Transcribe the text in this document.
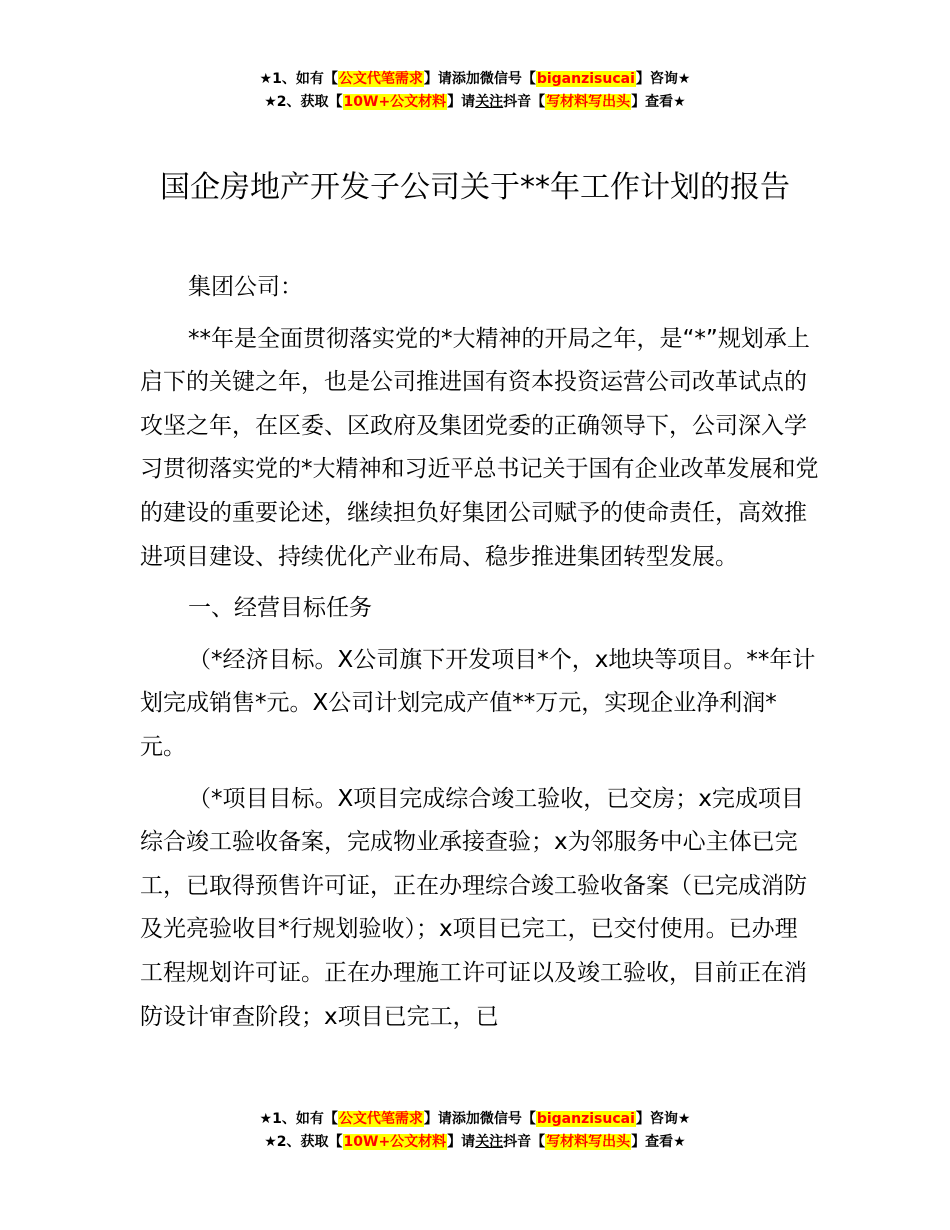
★1、如有【公文代笔需求】请添加微信号【biganzisucai】咨询★
★2、获取【10W+公文材料】请关注抖音【写材料写出头】查看★
国企房地产开发子公司关于**年工作计划的报告

集团公司：

**年是全面贯彻落实党的*大精神的开局之年，是“*”规划承上启下的关键之年，也是公司推进国有资本投资运营公司改革试点的攻坚之年，在区委、区政府及集团党委的正确领导下，公司深入学习贯彻落实党的*大精神和习近平总书记关于国有企业改革发展和党的建设的重要论述，继续担负好集团公司赋予的使命责任，高效推进项目建设、持续优化产业布局、稳步推进集团转型发展。

一、经营目标任务

（*经济目标。X公司旗下开发项目*个，x地块等项目。**年计划完成销售*元。X公司计划完成产值**万元，实现企业净利润*元。

（*项目目标。X项目完成综合竣工验收，已交房；x完成项目综合竣工验收备案，完成物业承接查验；x为邻服务中心主体已完工，已取得预售许可证，正在办理综合竣工验收备案（已完成消防及光亮验收目*行规划验收）；x项目已完工，已交付使用。已办理工程规划许可证。正在办理施工许可证以及竣工验收，目前正在消防设计审查阶段；x项目已完工，已

★1、如有【公文代笔需求】请添加微信号【biganzisucai】咨询★
★2、获取【10W+公文材料】请关注抖音【写材料写出头】查看★
